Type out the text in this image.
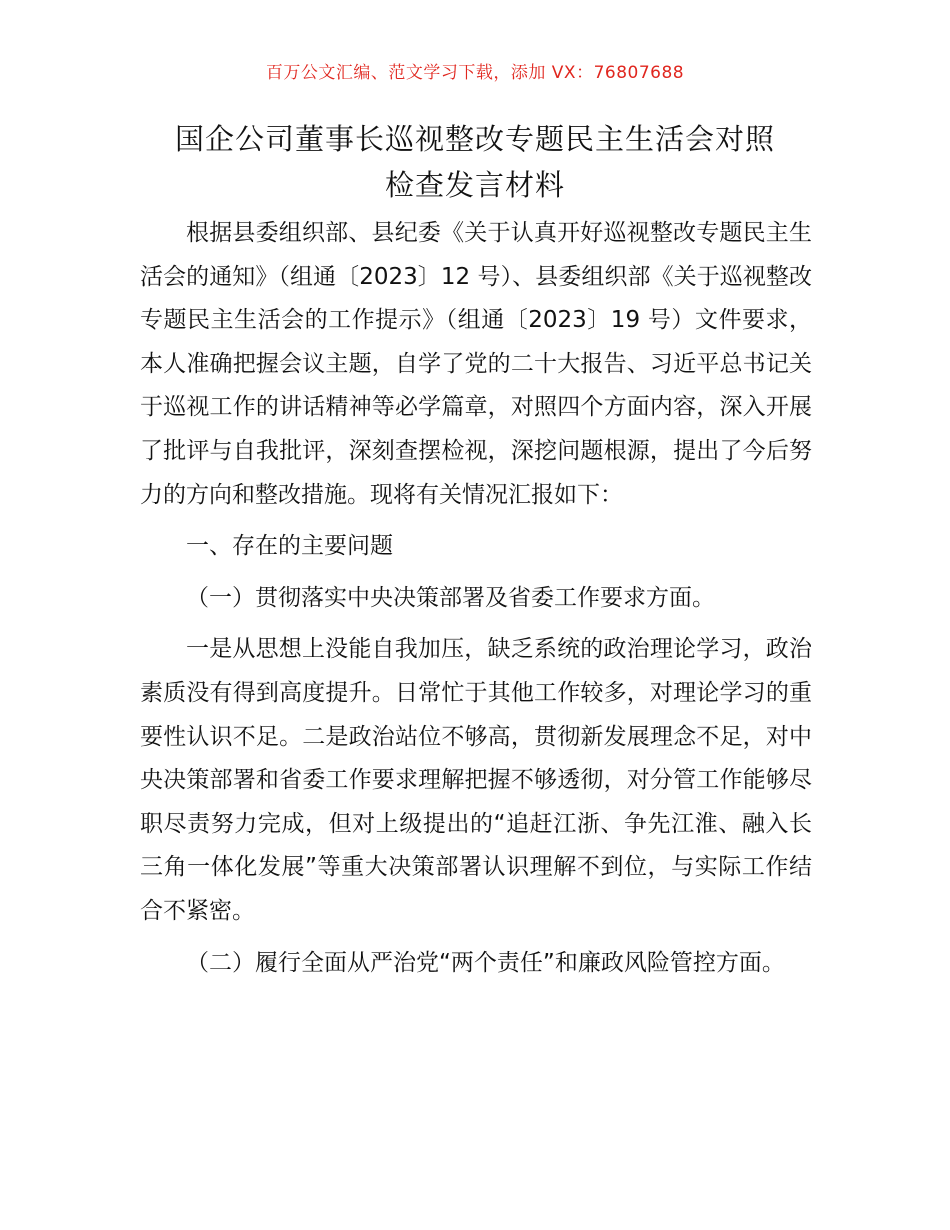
百万公文汇编、范文学习下载，添加 VX：76807688
国企公司董事长巡视整改专题民主生活会对照
检查发言材料

根据县委组织部、县纪委《关于认真开好巡视整改专题民主生活会的通知》（组通〔2023〕12 号）、县委组织部《关于巡视整改专题民主生活会的工作提示》（组通〔2023〕19 号）文件要求，本人准确把握会议主题，自学了党的二十大报告、习近平总书记关于巡视工作的讲话精神等必学篇章，对照四个方面内容，深入开展了批评与自我批评，深刻查摆检视，深挖问题根源，提出了今后努力的方向和整改措施。现将有关情况汇报如下：

一、存在的主要问题

（一）贯彻落实中央决策部署及省委工作要求方面。

一是从思想上没能自我加压，缺乏系统的政治理论学习，政治素质没有得到高度提升。日常忙于其他工作较多，对理论学习的重要性认识不足。二是政治站位不够高，贯彻新发展理念不足，对中央决策部署和省委工作要求理解把握不够透彻，对分管工作能够尽职尽责努力完成，但对上级提出的“追赶江浙、争先江淮、融入长三角一体化发展”等重大决策部署认识理解不到位，与实际工作结合不紧密。

（二）履行全面从严治党“两个责任”和廉政风险管控方面。
